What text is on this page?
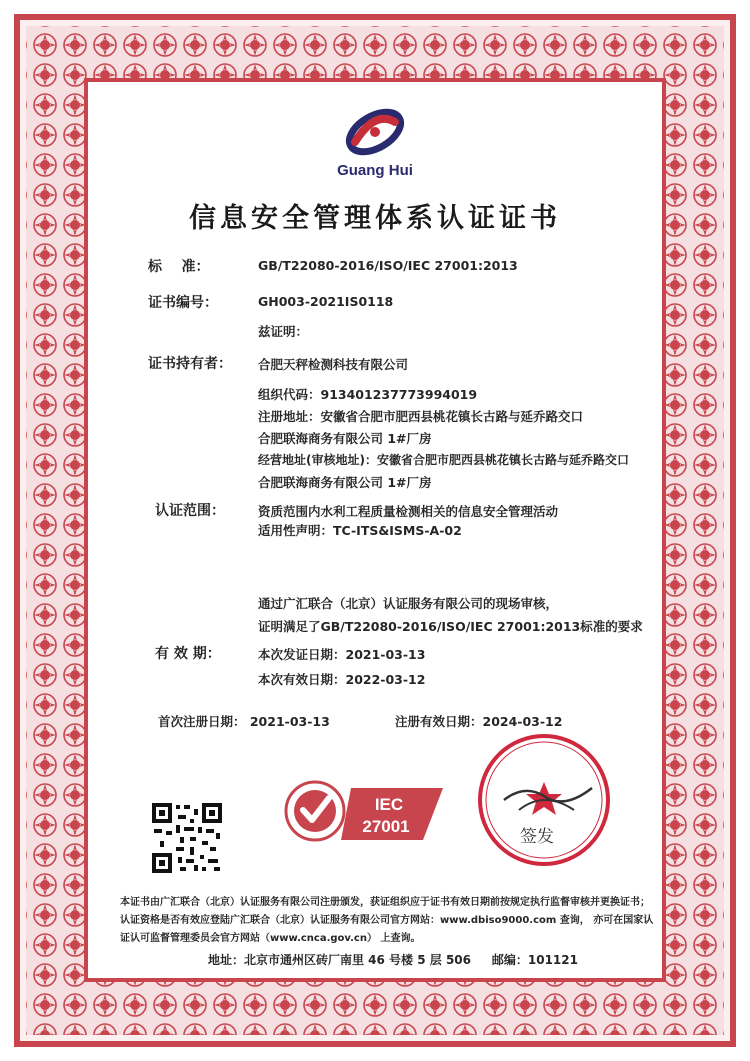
Guang Hui
信息安全管理体系认证证书
标    准：	GB/T22080-2016/ISO/IEC 27001:2013
证书编号：	GH003-2021IS0118
兹证明：
证书持有者： 合肥天秤检测科技有限公司
组织代码：913401237773994019
注册地址：安徽省合肥市肥西县桃花镇长古路与延乔路交口
合肥联海商务有限公司 1#厂房
经营地址(审核地址)：安徽省合肥市肥西县桃花镇长古路与延乔路交口
合肥联海商务有限公司 1#厂房
认证范围：	资质范围内水利工程质量检测相关的信息安全管理活动
适用性声明：TC-ITS&ISMS-A-02
通过广汇联合（北京）认证服务有限公司的现场审核，
证明满足了GB/T22080-2016/ISO/IEC 27001:2013标准的要求
有 效 期：	本次发证日期：2021-03-13
本次有效日期：2022-03-12
首次注册日期： 2021-03-13	注册有效日期：2024-03-12
IEC
27001
签发
本证书由广汇联合（北京）认证服务有限公司注册颁发，获证组织应于证书有效日期前按规定执行监督审核并更换证书；
认证资格是否有效应登陆广汇联合（北京）认证服务有限公司官方网站：www.dbiso9000.com 查询， 亦可在国家认
证认可监督管理委员会官方网站（www.cnca.gov.cn） 上查询。
地址：北京市通州区砖厂南里 46 号楼 5 层 506     邮编：101121
